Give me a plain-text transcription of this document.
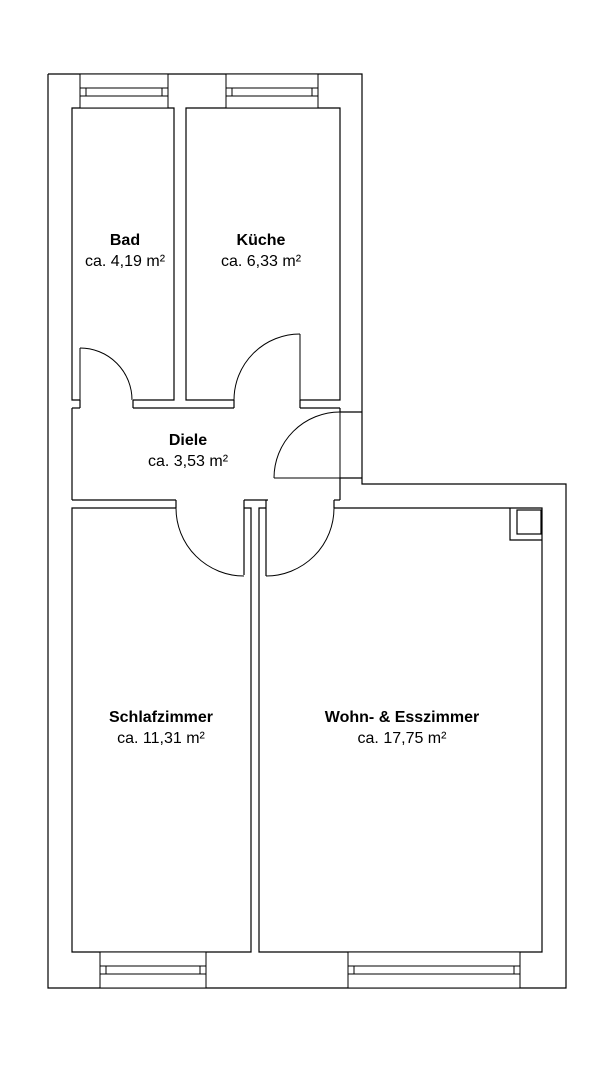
Bad
ca. 4,19 m²
Küche
ca. 6,33 m²
Diele
ca. 3,53 m²
Schlafzimmer
ca. 11,31 m²
Wohn- & Esszimmer
ca. 17,75 m²
